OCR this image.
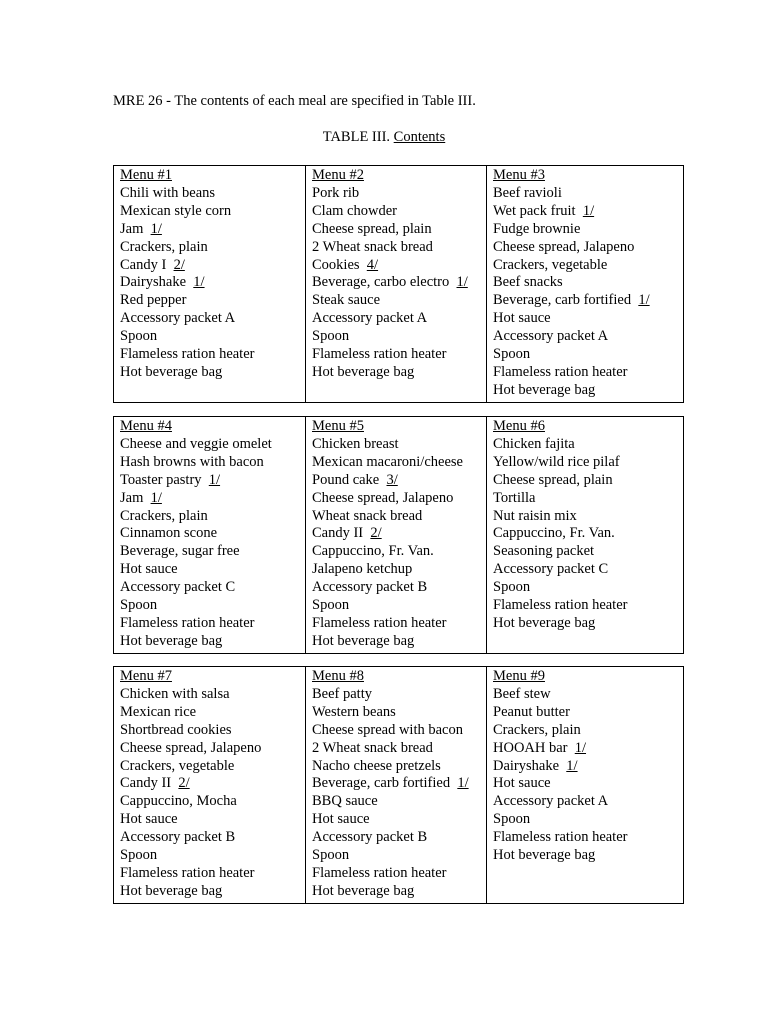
MRE 26 - The contents of each meal are specified in Table III.
TABLE III. Contents
Menu #1
Chili with beans
Mexican style corn
Jam 1/
Crackers, plain
Candy I 2/
Dairyshake 1/
Red pepper
Accessory packet A
Spoon
Flameless ration heater
Hot beverage bag

Menu #2
Pork rib
Clam chowder
Cheese spread, plain
2 Wheat snack bread
Cookies 4/
Beverage, carbo electro 1/
Steak sauce
Accessory packet A
Spoon
Flameless ration heater
Hot beverage bag

Menu #3
Beef ravioli
Wet pack fruit 1/
Fudge brownie
Cheese spread, Jalapeno
Crackers, vegetable
Beef snacks
Beverage, carb fortified 1/
Hot sauce
Accessory packet A
Spoon
Flameless ration heater
Hot beverage bag
Menu #4
Cheese and veggie omelet
Hash browns with bacon
Toaster pastry 1/
Jam 1/
Crackers, plain
Cinnamon scone
Beverage, sugar free
Hot sauce
Accessory packet C
Spoon
Flameless ration heater
Hot beverage bag

Menu #5
Chicken breast
Mexican macaroni/cheese
Pound cake 3/
Cheese spread, Jalapeno
Wheat snack bread
Candy II 2/
Cappuccino, Fr. Van.
Jalapeno ketchup
Accessory packet B
Spoon
Flameless ration heater
Hot beverage bag

Menu #6
Chicken fajita
Yellow/wild rice pilaf
Cheese spread, plain
Tortilla
Nut raisin mix
Cappuccino, Fr. Van.
Seasoning packet
Accessory packet C
Spoon
Flameless ration heater
Hot beverage bag
Menu #7
Chicken with salsa
Mexican rice
Shortbread cookies
Cheese spread, Jalapeno
Crackers, vegetable
Candy II 2/
Cappuccino, Mocha
Hot sauce
Accessory packet B
Spoon
Flameless ration heater
Hot beverage bag

Menu #8
Beef patty
Western beans
Cheese spread with bacon
2 Wheat snack bread
Nacho cheese pretzels
Beverage, carb fortified 1/
BBQ sauce
Hot sauce
Accessory packet B
Spoon
Flameless ration heater
Hot beverage bag

Menu #9
Beef stew
Peanut butter
Crackers, plain
HOOAH bar 1/
Dairyshake 1/
Hot sauce
Accessory packet A
Spoon
Flameless ration heater
Hot beverage bag
